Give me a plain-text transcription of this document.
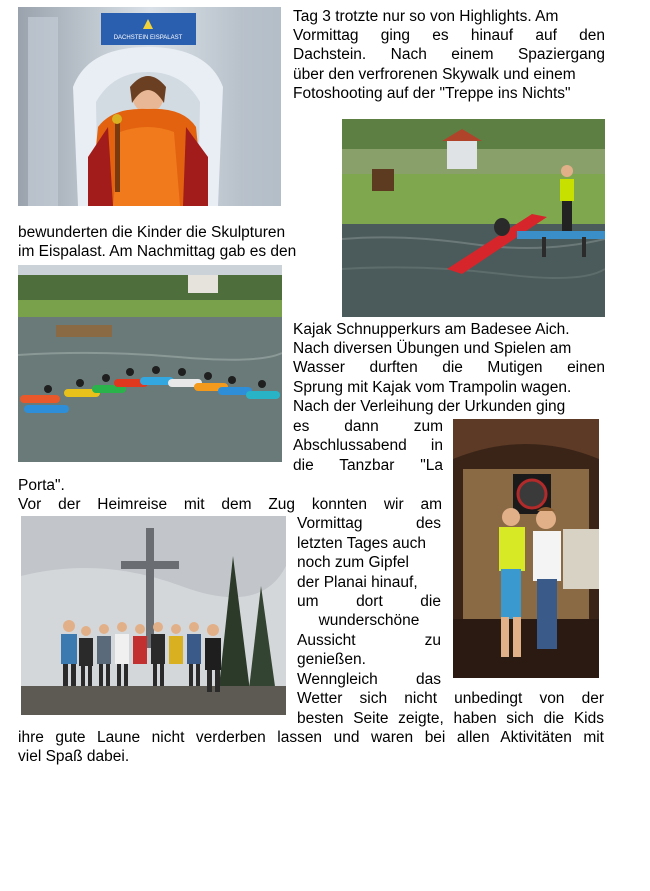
DACHSTEIN EISPALAST
Tag 3 trotzte nur so von Highlights. Am
Vormittag ging es hinauf auf den
Dachstein. Nach einem Spaziergang
über den verfrorenen Skywalk und einem
Fotoshooting auf der "Treppe ins Nichts"
bewunderten die Kinder die Skulpturen
im Eispalast. Am Nachmittag gab es den
Kajak Schnupperkurs am Badesee Aich.
Nach diversen Übungen und Spielen am
Wasser durften die Mutigen einen
Sprung mit Kajak vom Trampolin wagen.
Nach der Verleihung der Urkunden ging
es dann zum
Abschlussabend in
die Tanzbar "La
Porta".
Vor der Heimreise mit dem Zug konnten wir am
Vormittag des
letzten Tages auch
noch zum Gipfel
der Planai hinauf,
um dort die
wunderschöne
Aussicht zu
genießen.
Wenngleich das
Wetter sich nicht unbedingt von der
besten Seite zeigte, haben sich die Kids
ihre gute Laune nicht verderben lassen und waren bei allen Aktivitäten mit
viel Spaß dabei.
